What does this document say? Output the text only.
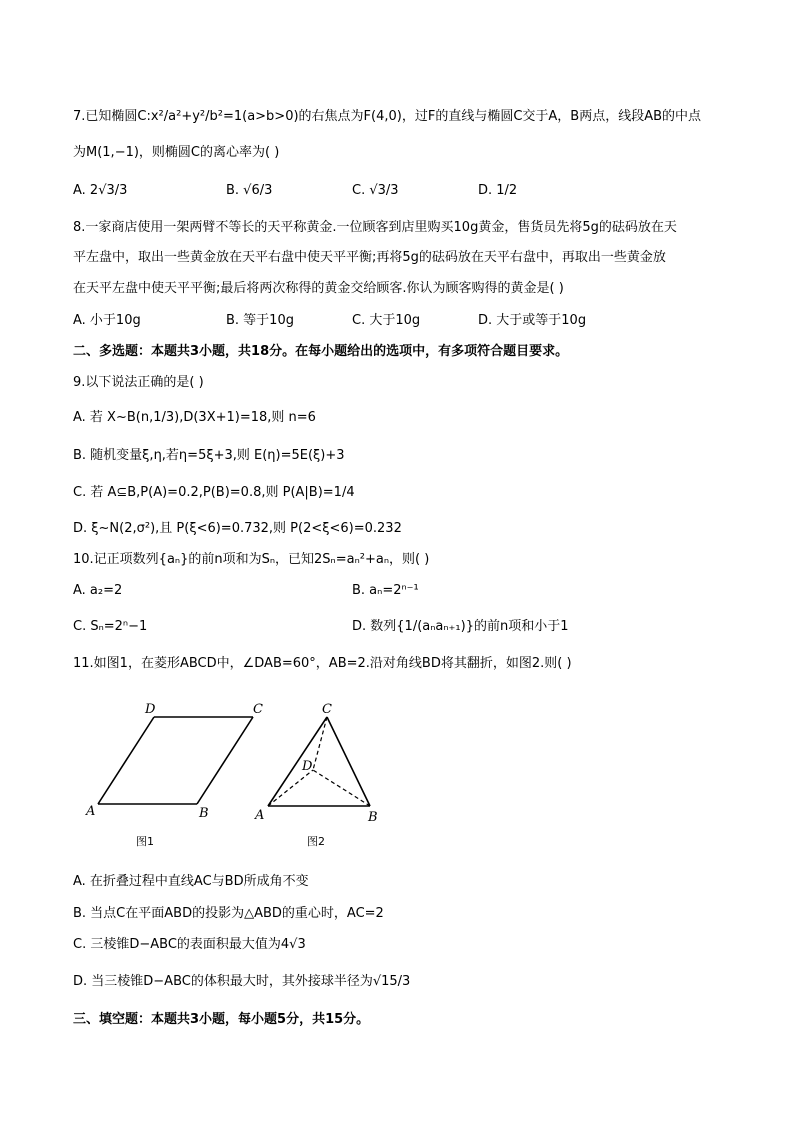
7.已知椭圆C:x²/a²+y²/b²=1(a>b>0)的右焦点为F(4,0)，过F的直线与椭圆C交于A，B两点，线段AB的中点
为M(1,−1)，则椭圆C的离心率为( )
A. 2√3/3	B. √6/3	C. √3/3	D. 1/2
8.一家商店使用一架两臂不等长的天平称黄金.一位顾客到店里购买10g黄金，售货员先将5g的砝码放在天
平左盘中，取出一些黄金放在天平右盘中使天平平衡;再将5g的砝码放在天平右盘中，再取出一些黄金放
在天平左盘中使天平平衡;最后将两次称得的黄金交给顾客.你认为顾客购得的黄金是( )
A. 小于10g	B. 等于10g	C. 大于10g	D. 大于或等于10g
二、多选题：本题共3小题，共18分。在每小题给出的选项中，有多项符合题目要求。
9.以下说法正确的是( )
A. 若 X~B(n,1/3),D(3X+1)=18,则 n=6
B. 随机变量ξ,η,若η=5ξ+3,则 E(η)=5E(ξ)+3
C. 若 A⊆B,P(A)=0.2,P(B)=0.8,则 P(A|B)=1/4
D. ξ~N(2,σ²),且 P(ξ<6)=0.732,则 P(2<ξ<6)=0.232
10.记正项数列{aₙ}的前n项和为Sₙ，已知2Sₙ=aₙ²+aₙ，则( )
A. a₂=2	B. aₙ=2ⁿ⁻¹
C. Sₙ=2ⁿ−1	D. 数列{1/(aₙaₙ₊₁)}的前n项和小于1
11.如图1，在菱形ABCD中，∠DAB=60°，AB=2.沿对角线BD将其翻折，如图2.则( )
A	B
C
D
A	B
C
D
图1	图2
A. 在折叠过程中直线AC与BD所成角不变
B. 当点C在平面ABD的投影为△ABD的重心时，AC=2
C. 三棱锥D−ABC的表面积最大值为4√3
D. 当三棱锥D−ABC的体积最大时，其外接球半径为√15/3
三、填空题：本题共3小题，每小题5分，共15分。
